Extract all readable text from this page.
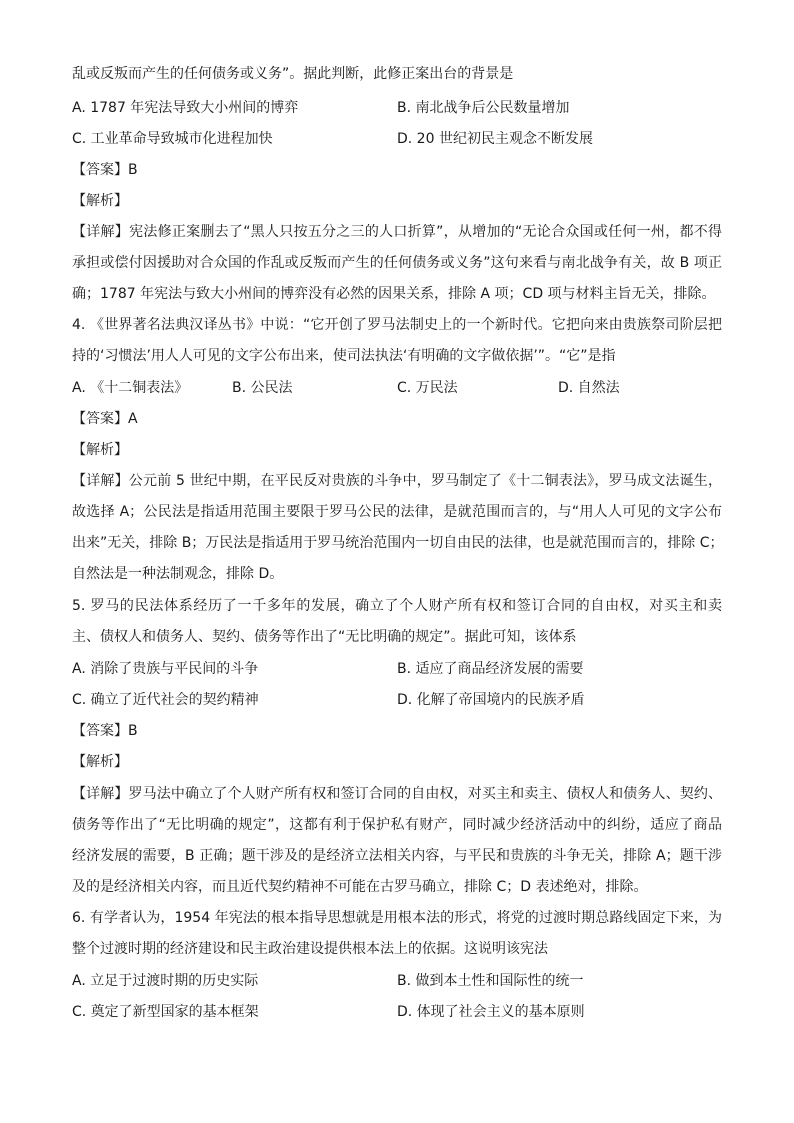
乱或反叛而产生的任何债务或义务”。据此判断，此修正案出台的背景是
A. 1787 年宪法导致大小州间的博弈	B. 南北战争后公民数量增加
C. 工业革命导致城市化进程加快	D. 20 世纪初民主观念不断发展
【答案】B
【解析】
【详解】宪法修正案删去了“黑人只按五分之三的人口折算”，从增加的“无论合众国或任何一州，都不得
承担或偿付因援助对合众国的作乱或反叛而产生的任何债务或义务”这句来看与南北战争有关，故 B 项正
确；1787 年宪法与致大小州间的博弈没有必然的因果关系，排除 A 项；CD 项与材料主旨无关，排除。
4. 《世界著名法典汉译丛书》中说：“它开创了罗马法制史上的一个新时代。它把向来由贵族祭司阶层把
持的‘习惯法’用人人可见的文字公布出来，使司法执法‘有明确的文字做依据’”。“它”是指
A. 《十二铜表法》	B. 公民法	C. 万民法	D. 自然法
【答案】A
【解析】
【详解】公元前 5 世纪中期，在平民反对贵族的斗争中，罗马制定了《十二铜表法》，罗马成文法诞生，
故选择 A；公民法是指适用范围主要限于罗马公民的法律，是就范围而言的，与“用人人可见的文字公布
出来”无关，排除 B；万民法是指适用于罗马统治范围内一切自由民的法律，也是就范围而言的，排除 C；
自然法是一种法制观念，排除 D。
5. 罗马的民法体系经历了一千多年的发展，确立了个人财产所有权和签订合同的自由权，对买主和卖
主、债权人和债务人、契约、债务等作出了“无比明确的规定”。据此可知，该体系
A. 消除了贵族与平民间的斗争	B. 适应了商品经济发展的需要
C. 确立了近代社会的契约精神	D. 化解了帝国境内的民族矛盾
【答案】B
【解析】
【详解】罗马法中确立了个人财产所有权和签订合同的自由权，对买主和卖主、债权人和债务人、契约、
债务等作出了“无比明确的规定”，这都有利于保护私有财产，同时减少经济活动中的纠纷，适应了商品
经济发展的需要，B 正确；题干涉及的是经济立法相关内容，与平民和贵族的斗争无关，排除 A；题干涉
及的是经济相关内容，而且近代契约精神不可能在古罗马确立，排除 C；D 表述绝对，排除。
6. 有学者认为，1954 年宪法的根本指导思想就是用根本法的形式，将党的过渡时期总路线固定下来，为
整个过渡时期的经济建设和民主政治建设提供根本法上的依据。这说明该宪法
A. 立足于过渡时期的历史实际	B. 做到本土性和国际性的统一
C. 奠定了新型国家的基本框架	D. 体现了社会主义的基本原则
